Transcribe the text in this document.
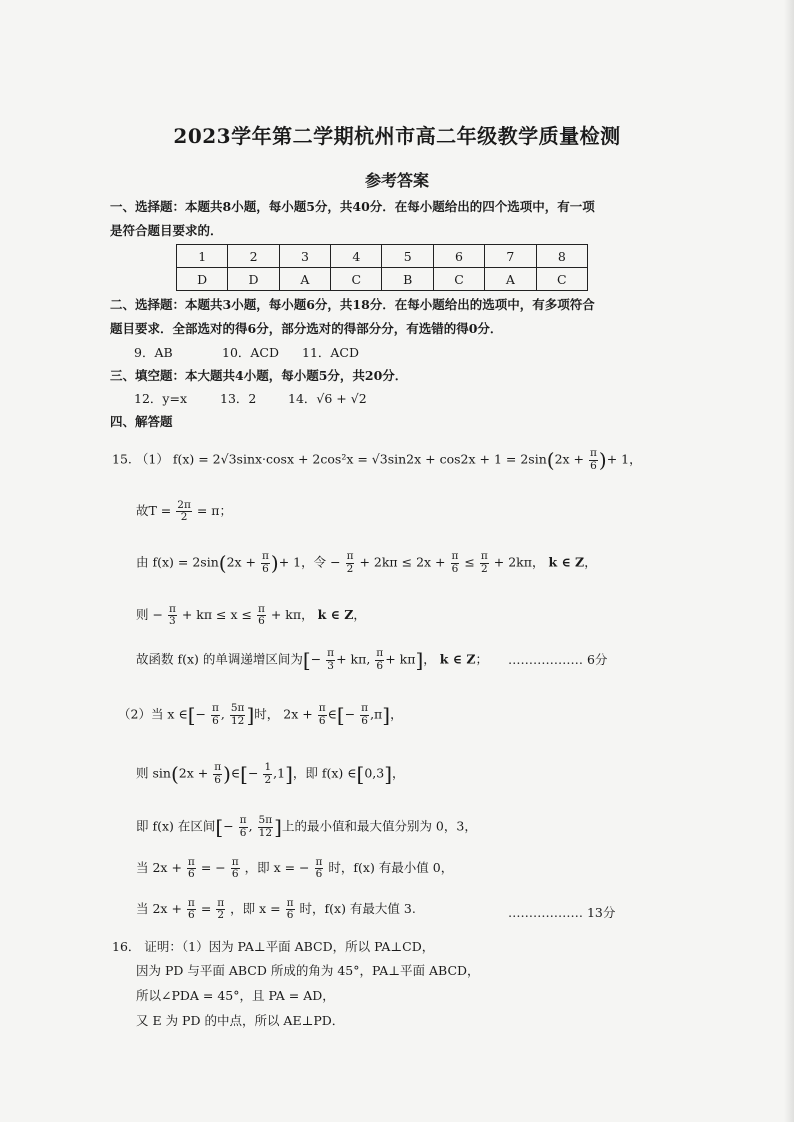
2023学年第二学期杭州市高二年级教学质量检测
参考答案
一、选择题：本题共8小题，每小题5分，共40分．在每小题给出的四个选项中，有一项
是符合题目要求的．
1	2	3	4	5	6	7	8
D	D	A	C	B	C	A	C
二、选择题：本题共3小题，每小题6分，共18分．在每小题给出的选项中，有多项符合
题目要求．全部选对的得6分，部分选对的得部分分，有选错的得0分．
9．AB	10．ACD 11．ACD
三、填空题：本大题共4小题，每小题5分，共20分．
12．y=x	13．2	14．√6 + √2
四、解答题
15. （1） $f(x) = 2√3\sin x\cdot\cos x + 2\cos^2x = √3\sin 2x + \cos 2x + 1 = 2\sin(2x + \frac{\pi}{6}$ )+ 1，
故$T = \frac{2\pi}{2} = \pi$；
由 $f(x) = 2\sin(2x + \frac{\pi}{6}$ )+ 1，令 − $\frac{\pi}{2} + 2k\pi \le 2x + \frac{\pi}{6} \le \frac{\pi}{2} + 2k\pi$， k ∈ Z，
则 − $\frac{\pi}{3} + k\pi \le x \le \frac{\pi}{6} + k\pi$， k ∈ Z，
故函数 f(x) 的单调递增区间为[− $\frac{\pi}{3} + k\pi$, $\frac{\pi}{6} + k\pi$]， k ∈ Z； ……………… 6分
（2）当 x ∈[− $\frac{\pi}{6}$ , $\frac{5\pi}{12}$ ]时， $2x + \frac{\pi}{6}$ ∈[− $\frac{\pi}{6} ,\pi$]，
则 $\sin(2x + \frac{\pi}{6}$ )∈[− $\frac{1}{2} ,1$]，即 f(x) ∈[0,3]，
即 f(x) 在区间[− $\frac{\pi}{6}$ , $\frac{5\pi}{12}$ ]上的最小值和最大值分别为 0，3，
当 $2x + \frac{\pi}{6}$ = − $\frac{\pi}{6}$ ，即 x = − $\frac{\pi}{6}$ 时，f(x) 有最小值 0，
当 $2x + \frac{\pi}{6} = \frac{\pi}{2}$ ，即 $x = \frac{\pi}{6}$ 时，f(x) 有最大值 3.	……………… 13分
16． 证明：（1）因为 PA⊥平面 ABCD，所以 PA⊥CD，
因为 PD 与平面 ABCD 所成的角为 45°，PA⊥平面 ABCD，
所以∠PDA = 45°，且 PA = AD，
又 E 为 PD 的中点，所以 AE⊥PD．
